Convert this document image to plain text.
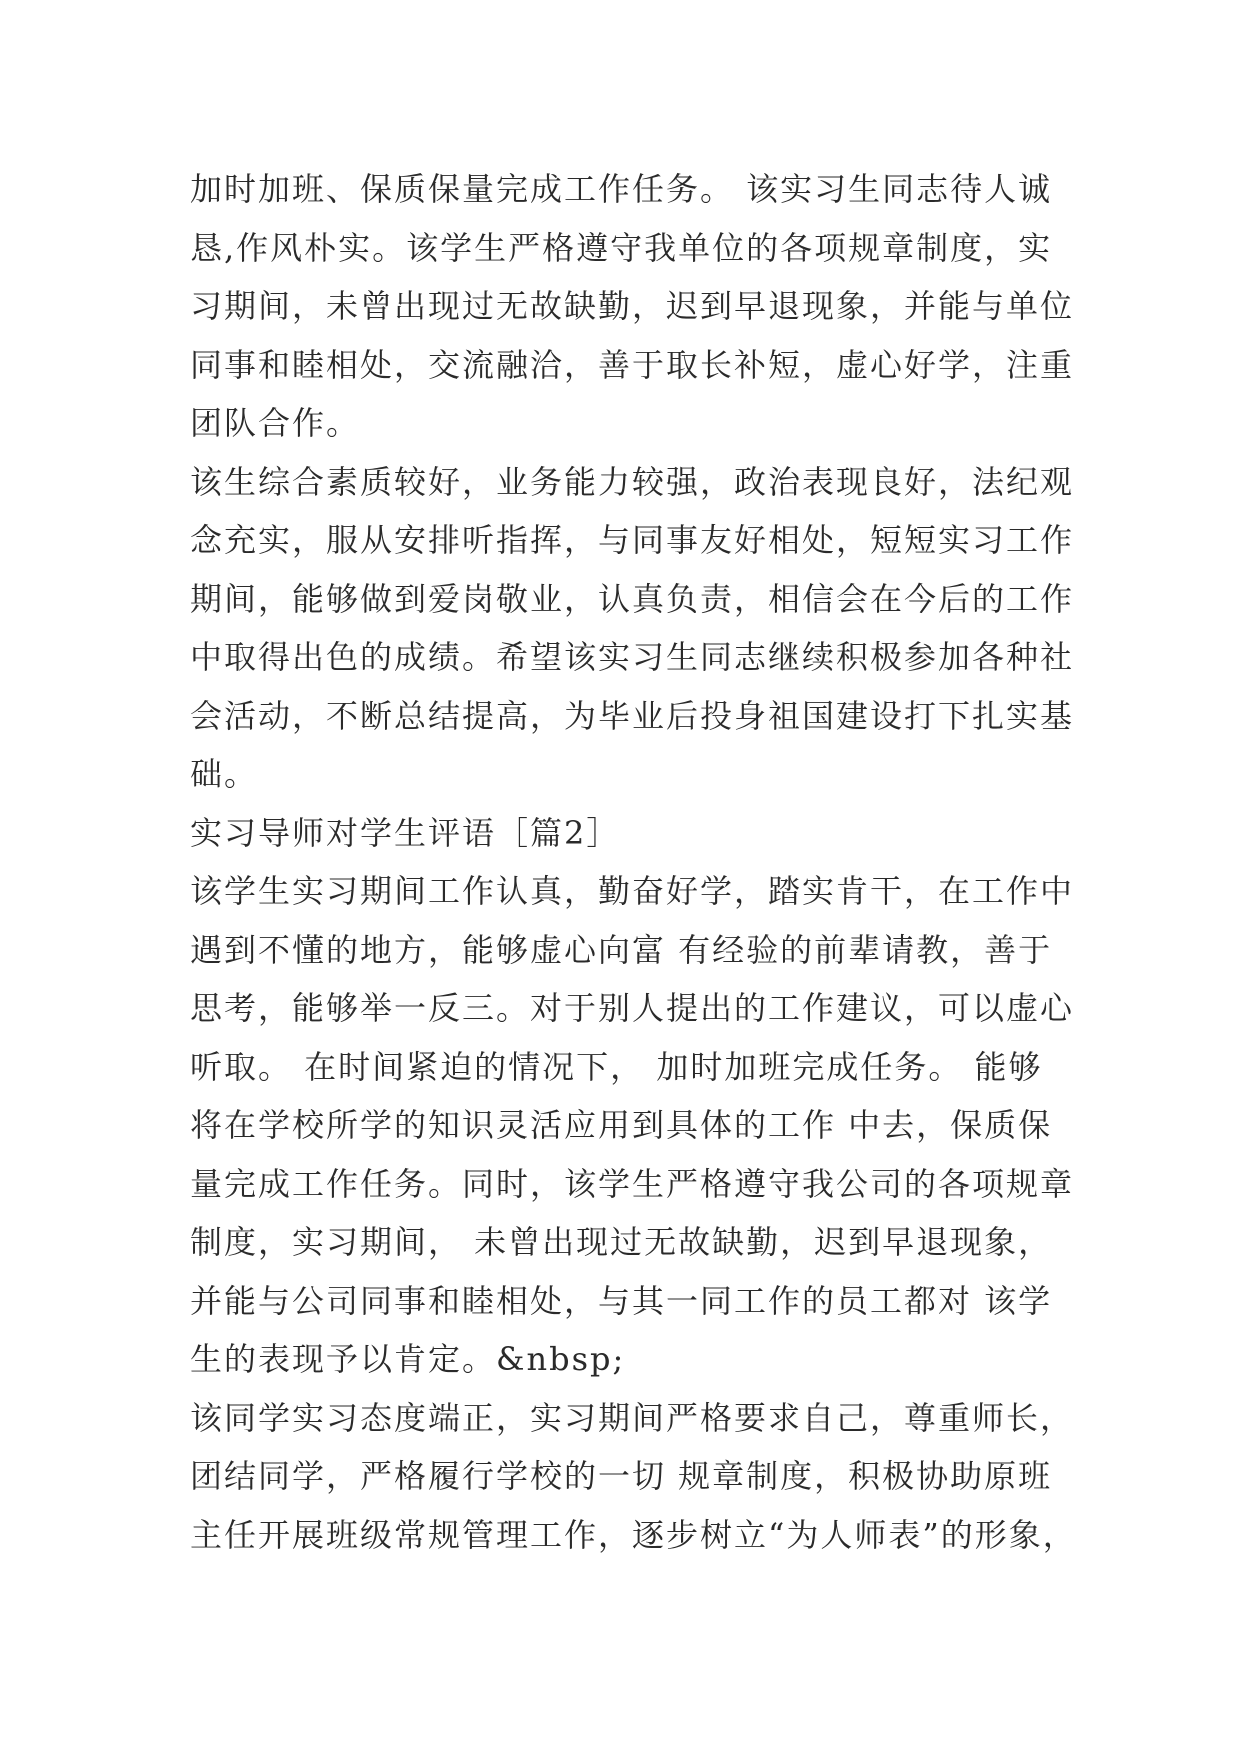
加时加班、保质保量完成工作任务。 该实习生同志待人诚
恳,作风朴实。该学生严格遵守我单位的各项规章制度，实
习期间，未曾出现过无故缺勤，迟到早退现象，并能与单位
同事和睦相处，交流融洽，善于取长补短，虚心好学，注重
团队合作。
该生综合素质较好，业务能力较强，政治表现良好，法纪观
念充实，服从安排听指挥，与同事友好相处，短短实习工作
期间，能够做到爱岗敬业，认真负责，相信会在今后的工作
中取得出色的成绩。希望该实习生同志继续积极参加各种社
会活动，不断总结提高，为毕业后投身祖国建设打下扎实基
础。
实习导师对学生评语［篇2］
该学生实习期间工作认真，勤奋好学，踏实肯干，在工作中
遇到不懂的地方，能够虚心向富 有经验的前辈请教，善于
思考，能够举一反三。对于别人提出的工作建议，可以虚心
听取。 在时间紧迫的情况下， 加时加班完成任务。 能够
将在学校所学的知识灵活应用到具体的工作 中去，保质保
量完成工作任务。同时，该学生严格遵守我公司的各项规章
制度，实习期间， 未曾出现过无故缺勤，迟到早退现象，
并能与公司同事和睦相处，与其一同工作的员工都对 该学
生的表现予以肯定。&nbsp;
该同学实习态度端正，实习期间严格要求自己，尊重师长，
团结同学，严格履行学校的一切 规章制度，积极协助原班
主任开展班级常规管理工作，逐步树立“为人师表”的形象，
